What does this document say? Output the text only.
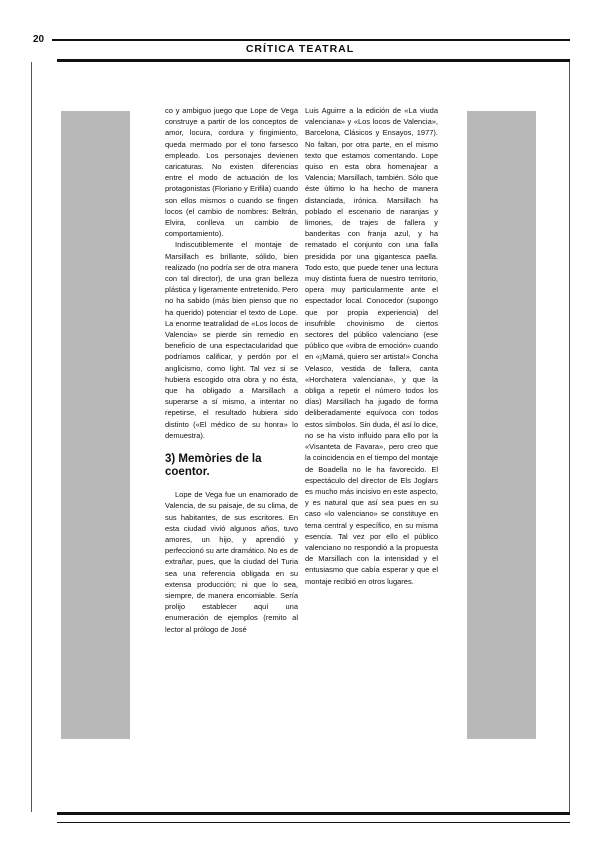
20
CRÍTICA TEATRAL

co y ambiguo juego que Lope de Vega construye a partir de los conceptos de amor, locura, cordura y fingimiento, queda mermado por el tono farsesco empleado. Los personajes devienen caricaturas. No existen diferencias entre el modo de actuación de los protagonistas (Floriano y Erifila) cuando son ellos mismos o cuando se fingen locos (el cambio de nombres: Beltrán, Elvira, conlleva un cambio de comportamiento).

Indiscutiblemente el montaje de Marsillach es brillante, sólido, bien realizado (no podría ser de otra manera con tal director), de una gran belleza plástica y ligeramente entretenido. Pero no ha sabido (más bien pienso que no ha querido) potenciar el texto de Lope. La enorme teatralidad de «Los locos de Valencia» se pierde sin remedio en beneficio de una espectacularidad que podríamos calificar, y perdón por el anglicismo, como light. Tal vez si se hubiera escogido otra obra y no ésta, que ha obligado a Marsillach a superarse a sí mismo, a intentar no repetirse, el resultado hubiera sido distinto («El médico de su honra» lo demuestra).

3) Memòries de la coentor.

Lope de Vega fue un enamorado de Valencia, de su paisaje, de su clima, de sus habitantes, de sus escritores. En esta ciudad vivió algunos años, tuvo amores, un hijo, y aprendió y perfeccionó su arte dramático. No es de extrañar, pues, que la ciudad del Turia sea una referencia obligada en su extensa producción; ni que lo sea, siempre, de manera encomiable. Sería prolijo establecer aquí una enumeración de ejemplos (remito al lector al prólogo de José

Luis Aguirre a la edición de «La viuda valenciana» y «Los locos de Valencia», Barcelona, Clásicos y Ensayos, 1977). No faltan, por otra parte, en el mismo texto que estamos comentando. Lope quiso en esta obra homenajear a Valencia; Marsillach, también. Sólo que éste último lo ha hecho de manera distanciada, irónica. Marsillach ha poblado el escenario de naranjas y limones, de trajes de fallera y banderitas con franja azul, y ha rematado el conjunto con una falla presidida por una gigantesca paella. Todo esto, que puede tener una lectura muy distinta fuera de nuestro territorio, opera muy particularmente ante el espectador local. Conocedor (supongo que por propia experiencia) del insufrible chovinismo de ciertos sectores del público valenciano (ese público que «vibra de emoción» cuando en «¡Mamá, quiero ser artista!» Concha Velasco, vestida de fallera, canta «Horchatera valenciana», y que la obliga a repetir el número todos los días) Marsillach ha jugado de forma deliberadamente equívoca con todos estos símbolos. Sin duda, él así lo dice, no se ha visto influido para ello por la «Visanteta de Favara», pero creo que la coincidencia en el tiempo del montaje de Boadella no le ha favorecido. El espectáculo del director de Els Joglars es mucho más incisivo en este aspecto, y es natural que así sea pues en su caso «lo valenciano» se constituye en tema central y específico, en su misma esencia. Tal vez por ello el público valenciano no respondió a la propuesta de Marsillach con la intensidad y el entusiasmo que cabía esperar y que el montaje recibió en otros lugares.
